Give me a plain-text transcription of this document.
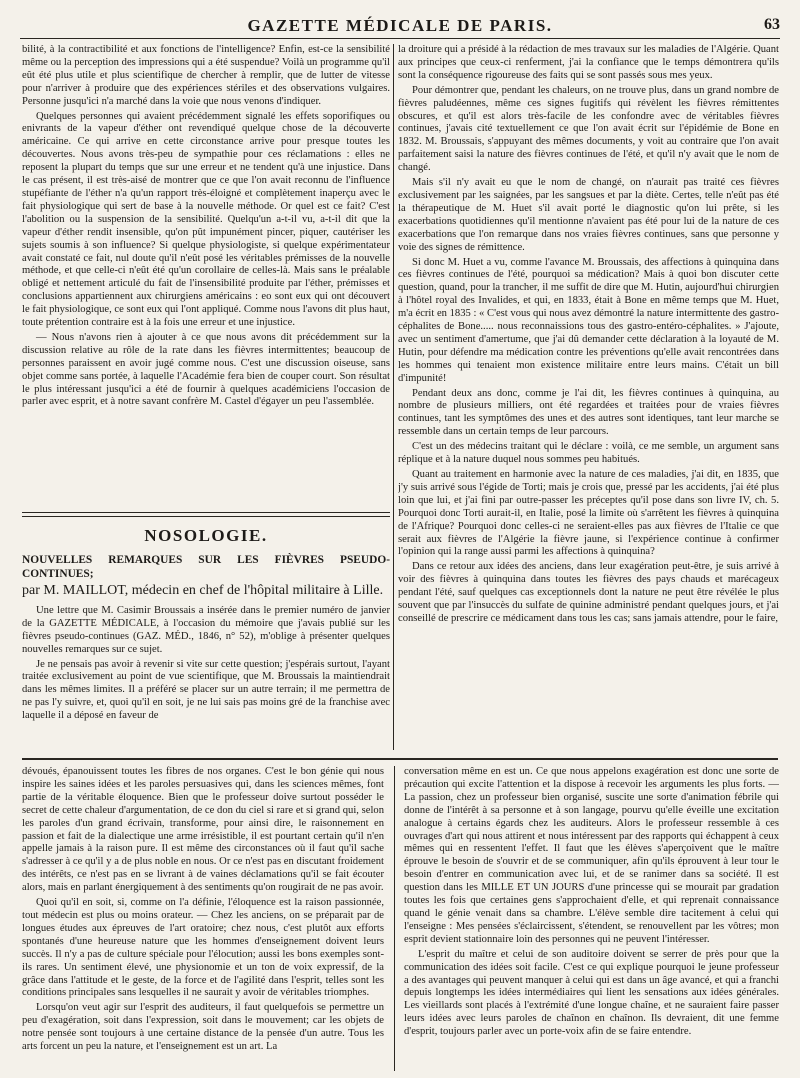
GAZETTE MÉDICALE DE PARIS.	63

bilité, à la contractibilité et aux fonctions de l'intelligence? Enfin, est-ce la sensibilité même ou la perception des impressions qui a été suspendue? Voilà un programme qu'il eût été plus utile et plus scientifique de chercher à remplir, que de lutter de vitesse pour n'arriver à produire que des expériences stériles et des observations vulgaires. Personne jusqu'ici n'a marché dans la voie que nous venons d'indiquer.

Quelques personnes qui avaient précédemment signalé les effets soporifiques ou enivrants de la vapeur d'éther ont revendiqué quelque chose de la découverte américaine. Ce qui arrive en cette circonstance arrive pour presque toutes les découvertes. Nous avons très-peu de sympathie pour ces réclamations : elles ne reposent la plupart du temps que sur une erreur et ne tendent qu'à une injustice. Dans le cas présent, il est très-aisé de montrer que ce que l'on avait reconnu de l'influence stupéfiante de l'éther n'a qu'un rapport très-éloigné et complètement inaperçu avec le fait physiologique qui sert de base à la nouvelle méthode. Or quel est ce fait? C'est l'abolition ou la suspension de la sensibilité. Quelqu'un a-t-il vu, a-t-il dit que la vapeur d'éther rendit insensible, qu'on pût impunément pincer, piquer, cautériser les sujets soumis à son influence? Si quelque physiologiste, si quelque expérimentateur avait constaté ce fait, nul doute qu'il n'eût posé les véritables prémisses de la nouvelle méthode, et que celle-ci n'eût été qu'un corollaire de celles-là. Mais sans le préalable obligé et nettement articulé du fait de l'insensibilité produite par l'éther, prémisses et conclusions appartiennent aux chirurgiens américains : eo sont eux qui ont découvert le fait physiologique, ce sont eux qui l'ont appliqué. Comme nous l'avons dit plus haut, toute prétention contraire est à la fois une erreur et une injustice.

— Nous n'avons rien à ajouter à ce que nous avons dit précédemment sur la discussion relative au rôle de la rate dans les fièvres intermittentes; beaucoup de personnes paraissent en avoir jugé comme nous. C'est une discussion oiseuse, sans objet comme sans portée, à laquelle l'Académie fera bien de couper court. Son résultat le plus intéressant jusqu'ici a été de fournir à quelques académiciens l'occasion de parler avec esprit, et à notre savant confrère M. Castel d'égayer un peu l'assemblée.

NOSOLOGIE.
NOUVELLES REMARQUES SUR LES FIÈVRES PSEUDO-CONTINUES;
par M. MAILLOT, médecin en chef de l'hôpital militaire à Lille.

Une lettre que M. Casimir Broussais a insérée dans le premier numéro de janvier de la GAZETTE MÉDICALE, à l'occasion du mémoire que j'avais publié sur les fièvres pseudo-continues (GAZ. MÉD., 1846, n° 52), m'oblige à présenter quelques nouvelles remarques sur ce sujet.

Je ne pensais pas avoir à revenir si vite sur cette question; j'espérais surtout, l'ayant traitée exclusivement au point de vue scientifique, que M. Broussais la maintiendrait dans les mêmes limites. Il a préféré se placer sur un autre terrain; il me permettra de ne pas l'y suivre, et, quoi qu'il en soit, je ne lui sais pas moins gré de la franchise avec laquelle il a déposé en faveur de

la droiture qui a présidé à la rédaction de mes travaux sur les maladies de l'Algérie. Quant aux principes que ceux-ci renferment, j'ai la confiance que le temps démontrera qu'ils sont la conséquence rigoureuse des faits qui se sont passés sous mes yeux.

Pour démontrer que, pendant les chaleurs, on ne trouve plus, dans un grand nombre de fièvres paludéennes, même ces signes fugitifs qui révèlent les fièvres rémittentes obscures, et qu'il est alors très-facile de les confondre avec de véritables fièvres continues, j'avais cité textuellement ce que l'on avait écrit sur l'épidémie de Bone en 1832. M. Broussais, s'appuyant des mêmes documents, y voit au contraire que l'on avait parfaitement saisi la nature des fièvres continues de l'été, et qu'il n'y avait que le nom de changé.

Mais s'il n'y avait eu que le nom de changé, on n'aurait pas traité ces fièvres exclusivement par les saignées, par les sangsues et par la diète. Certes, telle n'eût pas été la thérapeutique de M. Huet s'il avait porté le diagnostic qu'on lui prête, si les exacerbations quotidiennes qu'il mentionne n'avaient pas été pour lui de la nature de ces exacerbations que l'on remarque dans nos vraies fièvres continues, sans que personne y voie des signes de rémittence.

Si donc M. Huet a vu, comme l'avance M. Broussais, des affections à quinquina dans ces fièvres continues de l'été, pourquoi sa médication? Mais à quoi bon discuter cette question, quand, pour la trancher, il me suffit de dire que M. Hutin, aujourd'hui chirurgien à l'hôtel royal des Invalides, et qui, en 1833, était à Bone en même temps que M. Huet, m'a écrit en 1835 : « C'est vous qui nous avez démontré la nature intermittente des gastro-céphalites de Bone..... nous reconnaissions tous des gastro-entéro-céphalites. » J'ajoute, avec un sentiment d'amertume, que j'ai dû demander cette déclaration à la loyauté de M. Hutin, pour défendre ma médication contre les préventions qu'elle avait rencontrées dans les hommes qui tenaient mon existence militaire entre leurs mains. C'était un bill d'impunité!

Pendant deux ans donc, comme je l'ai dit, les fièvres continues à quinquina, au nombre de plusieurs milliers, ont été regardées et traitées pour de vraies fièvres continues, tant les symptômes des unes et des autres sont identiques, tant leur marche se ressemble dans un certain temps de leur parcours.

C'est un des médecins traitant qui le déclare : voilà, ce me semble, un argument sans réplique et à la nature duquel nous sommes peu habitués.

Quant au traitement en harmonie avec la nature de ces maladies, j'ai dit, en 1835, que j'y suis arrivé sous l'égide de Torti; mais je crois que, pressé par les accidents, j'ai été plus loin que lui, et j'ai fini par outre-passer les préceptes qu'il pose dans son livre IV, ch. 5. Pourquoi donc Torti aurait-il, en Italie, posé la limite où s'arrêtent les fièvres à quinquina de l'Afrique? Pourquoi donc celles-ci ne seraient-elles pas aux fièvres de l'Italie ce que serait aux fièvres de l'Algérie la fièvre jaune, si l'expérience continue à confirmer l'opinion qui la range aussi parmi les affections à quinquina?

Dans ce retour aux idées des anciens, dans leur exagération peut-être, je suis arrivé à voir des fièvres à quinquina dans toutes les fièvres des pays chauds et marécageux pendant l'été, sauf quelques cas exceptionnels dont la nature ne peut être révélée le plus souvent que par l'insuccès du sulfate de quinine administré pendant quelques jours, et j'ai conseillé de prescrire ce médicament dans tous les cas; sans jamais attendre, pour le faire,

dévoués, épanouissent toutes les fibres de nos organes. C'est le bon génie qui nous inspire les saines idées et les paroles persuasives qui, dans les sciences mêmes, font partie de la véritable éloquence. Bien que le professeur doive surtout posséder le secret de cette chaleur d'argumentation, de ce don du ciel si rare et si grand qui, selon les paroles d'un grand écrivain, transforme, pour ainsi dire, le raisonnement en passion et fait de la dialectique une arme irrésistible, il est pourtant certain qu'il n'en appelle jamais à la raison pure. Il est même des circonstances où il faut qu'il sache s'adresser à ce qu'il y a de plus noble en nous. Or ce n'est pas en discutant froidement des intérêts, ce n'est pas en se livrant à de vaines déclamations qu'il se fait écouter alors, mais en parlant énergiquement à des sentiments qu'on rougirait de ne pas avoir.

Quoi qu'il en soit, si, comme on l'a définie, l'éloquence est la raison passionnée, tout médecin est plus ou moins orateur. — Chez les anciens, on se préparait par de longues études aux épreuves de l'art oratoire; chez nous, c'est plutôt aux efforts spontanés d'une heureuse nature que les hommes d'enseignement doivent leurs succès. Il n'y a pas de culture spéciale pour l'élocution; aussi les bons exemples sont-ils rares. Un sentiment élevé, une physionomie et un ton de voix expressif, de la grâce dans l'attitude et le geste, de la force et de l'agilité dans l'esprit, telles sont les conditions principales sans lesquelles il ne saurait y avoir de véritables triomphes.

Lorsqu'on veut agir sur l'esprit des auditeurs, il faut quelquefois se permettre un peu d'exagération, soit dans l'expression, soit dans le mouvement; car les objets de notre pensée sont toujours à une certaine distance de la pensée d'un autre. Tous les arts forcent un peu la nature, et l'enseignement est un art. La

conversation même en est un. Ce que nous appelons exagération est donc une sorte de précaution qui excite l'attention et la dispose à recevoir les arguments les plus forts. — La passion, chez un professeur bien organisé, suscite une sorte d'animation fébrile qui donne de l'intérêt à sa personne et à son langage, pourvu qu'elle éveille une excitation analogue à certains égards chez les auditeurs. Alors le professeur ressemble à ces ouvrages d'art qui nous attirent et nous intéressent par des rapports qui échappent à ceux mêmes qui en ressentent l'effet. Il faut que les élèves s'aperçoivent que le maître éprouve le besoin de s'ouvrir et de se communiquer, afin qu'ils éprouvent à leur tour le besoin d'entrer en communication avec lui, et de se ranimer dans sa société. Il est question dans les MILLE ET UN JOURS d'une princesse qui se mourait par gradation toutes les fois que certaines gens s'approchaient d'elle, et qui reprenait connaissance quand le génie venait dans sa chambre. L'élève semble dire tacitement à celui qui l'enseigne : Mes pensées s'éclaircissent, s'étendent, se renouvellent par les vôtres; mon esprit devient stationnaire loin des personnes qui ne peuvent l'intéresser.

L'esprit du maître et celui de son auditoire doivent se serrer de près pour que la communication des idées soit facile. C'est ce qui explique pourquoi le jeune professeur a des avantages qui peuvent manquer à celui qui est dans un âge avancé, et qui a franchi depuis longtemps les idées intermédiaires qui lient les sensations aux idées générales. Les vieillards sont placés à l'extrémité d'une longue chaîne, et ne sauraient faire passer leurs idées avec leurs paroles de chaînon en chaînon. Ils devraient, dit une femme d'esprit, toujours parler avec un porte-voix afin de se faire entendre.
